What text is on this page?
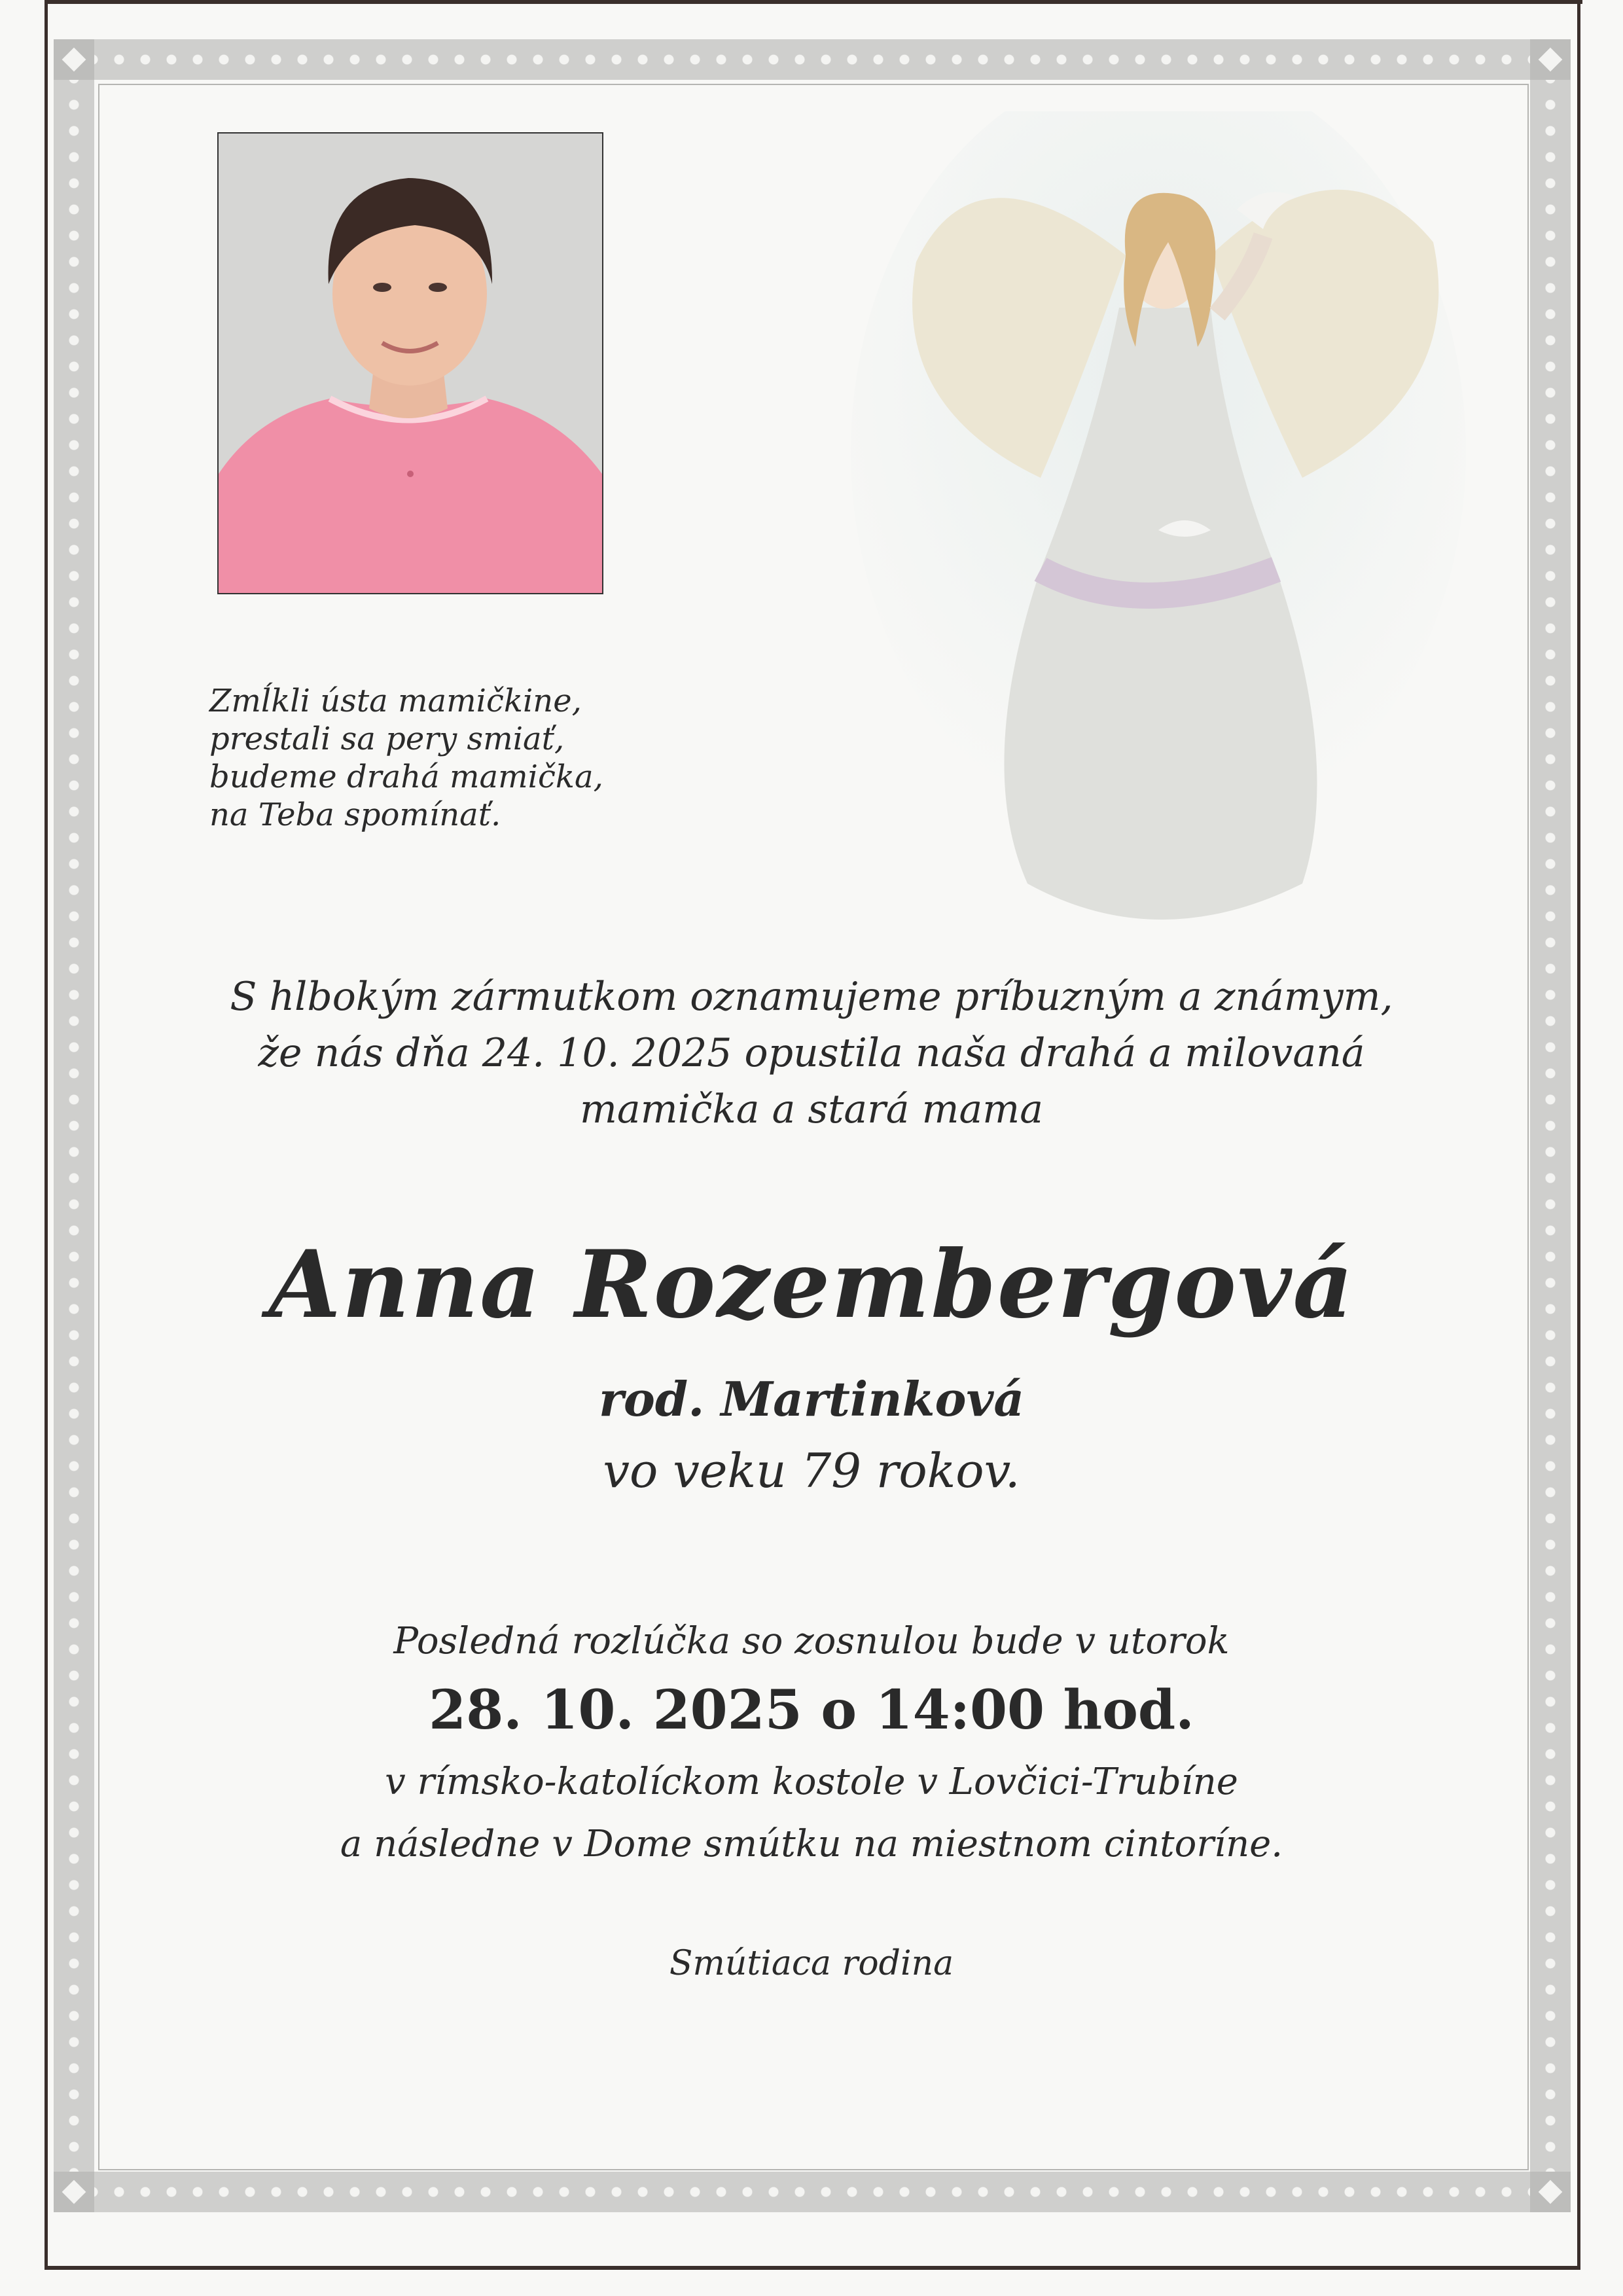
Zmĺkli ústa mamičkine,
prestali sa pery smiať,
budeme drahá mamička,
na Teba spomínať.
S hlbokým zármutkom oznamujeme príbuzným a známym,
že nás dňa 24. 10. 2025 opustila naša drahá a milovaná
mamička a stará mama
Anna Rozembergová
rod. Martinková
vo veku 79 rokov.
Posledná rozlúčka so zosnulou bude v utorok
28. 10. 2025 o 14:00 hod.
v rímsko-katolíckom kostole v Lovčici-Trubíne
a následne v Dome smútku na miestnom cintoríne.
Smútiaca rodina
